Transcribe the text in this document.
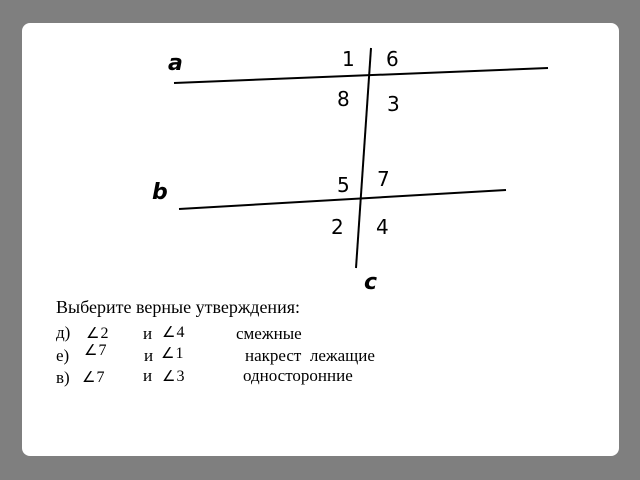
a
b
c
1 6
8 3
7
5
2 4
Выберите верные утверждения:
д) ∠2 и ∠4	смежные
е) ∠7 и ∠1	накрест  лежащие
в) ∠7 и ∠3	односторонние
